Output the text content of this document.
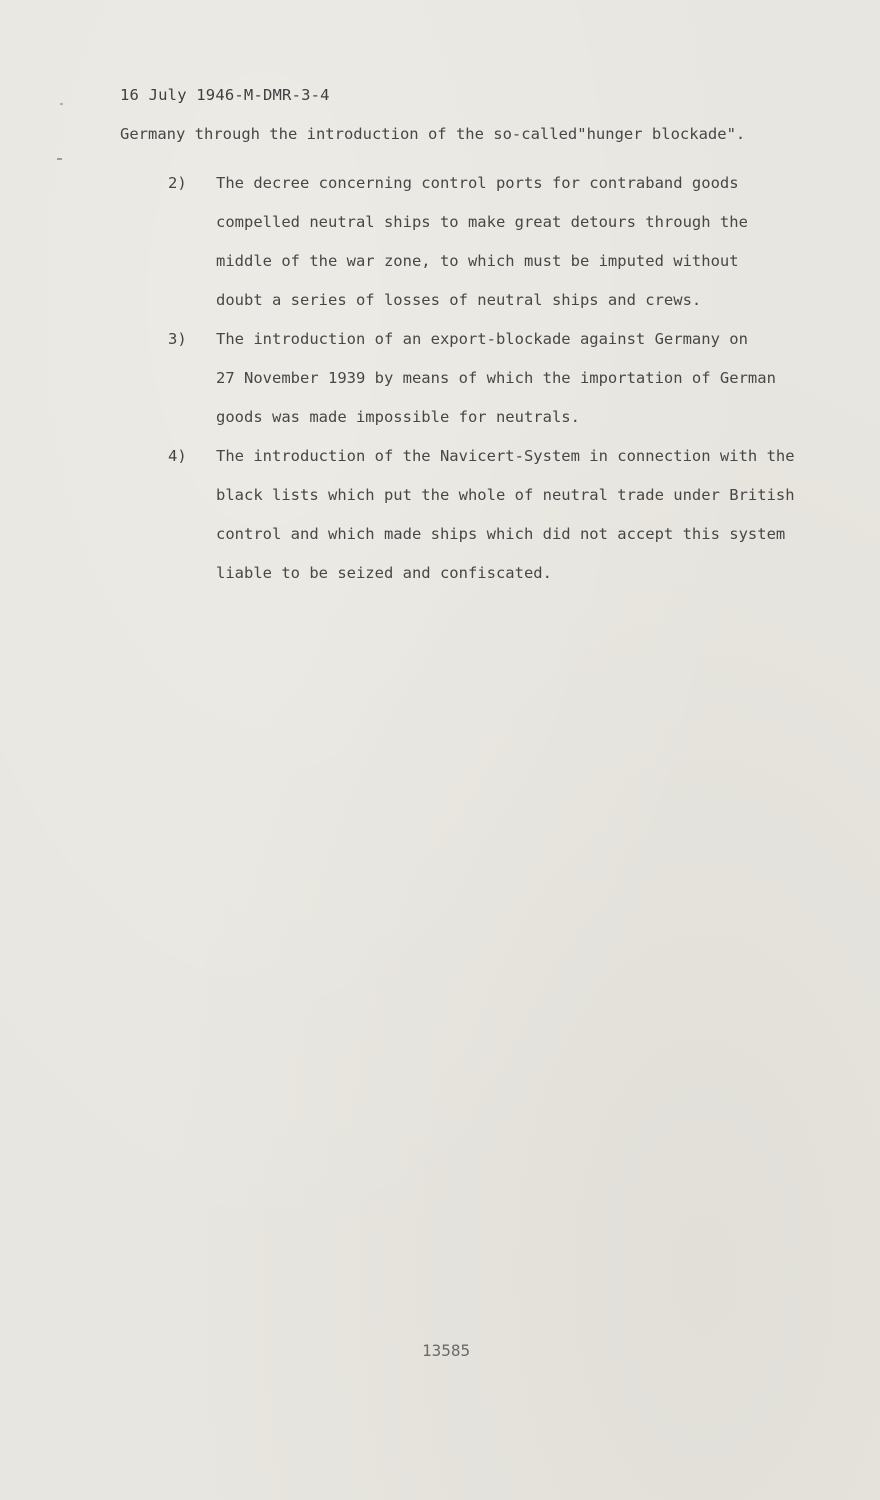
16 July 1946-M-DMR-3-4
Germany through the introduction of the so-called"hunger blockade".
2)	The decree concerning control ports for contraband goods
compelled neutral ships to make great detours through the
middle of the war zone, to which must be imputed without
doubt a series of losses of neutral ships and crews.
3)	The introduction of an export-blockade against Germany on
27 November 1939 by means of which the importation of German
goods was made impossible for neutrals.
4)	The introduction of the Navicert-System in connection with the
black lists which put the whole of neutral trade under British
control and which made ships which did not accept this system
liable to be seized and confiscated.
13585
